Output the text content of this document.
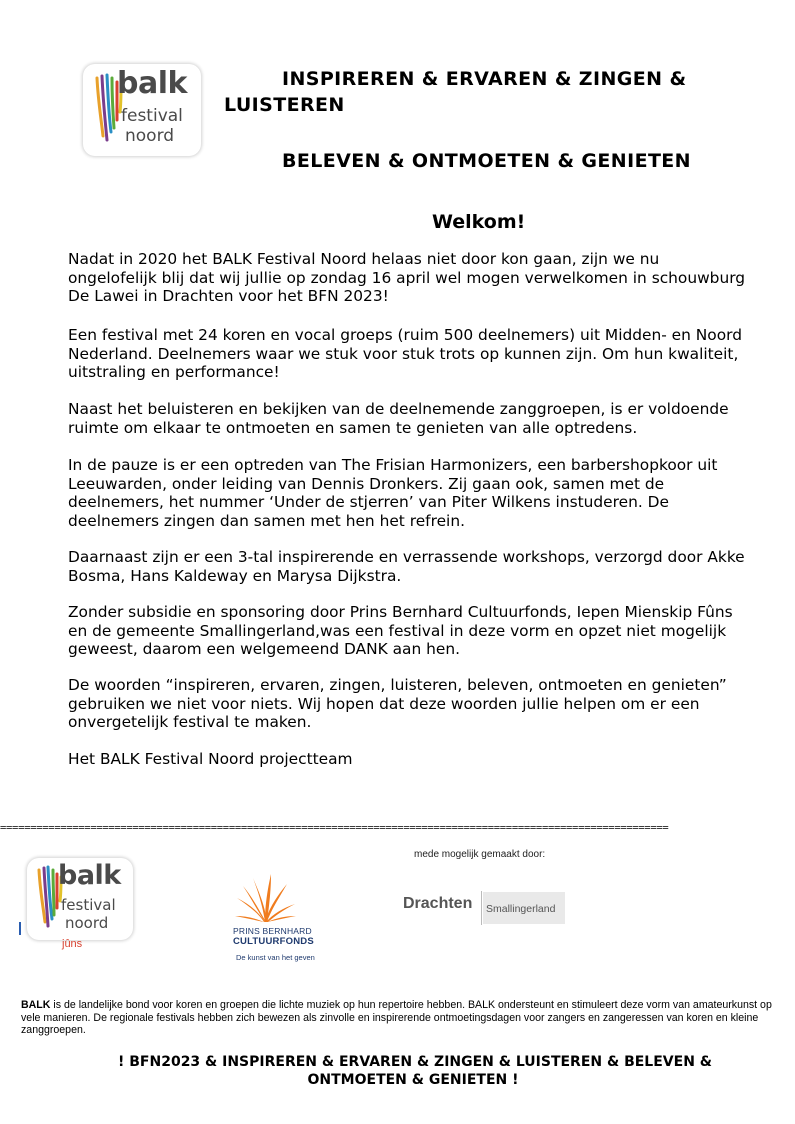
balk
festival
noord
INSPIREREN & ERVAREN & ZINGEN &
LUISTEREN
BELEVEN & ONTMOETEN & GENIETEN
Welkom!

Nadat in 2020 het BALK Festival Noord helaas niet door kon gaan, zijn we nu ongelofelijk blij dat wij jullie op zondag 16 april wel mogen verwelkomen in schouwburg De Lawei in Drachten voor het BFN 2023!

Een festival met 24 koren en vocal groeps (ruim 500 deelnemers) uit Midden- en Noord Nederland. Deelnemers waar we stuk voor stuk trots op kunnen zijn. Om hun kwaliteit, uitstraling en performance!

Naast het beluisteren en bekijken van de deelnemende zanggroepen, is er voldoende ruimte om elkaar te ontmoeten en samen te genieten van alle optredens.

In de pauze is er een optreden van The Frisian Harmonizers, een barbershopkoor uit Leeuwarden, onder leiding van Dennis Dronkers. Zij gaan ook, samen met de deelnemers, het nummer ‘Under de stjerren’ van Piter Wilkens instuderen. De deelnemers zingen dan samen met hen het refrein.

Daarnaast zijn er een 3-tal inspirerende en verrassende workshops, verzorgd door Akke Bosma, Hans Kaldeway en Marysa Dijkstra.

Zonder subsidie en sponsoring door Prins Bernhard Cultuurfonds, Iepen Mienskip Fûns en de gemeente Smallingerland,was een festival in deze vorm en opzet niet mogelijk geweest, daarom een welgemeend DANK aan hen.

De woorden “inspireren, ervaren, zingen, luisteren, beleven, ontmoeten en genieten” gebruiken we niet voor niets. Wij hopen dat deze woorden jullie helpen om er een onvergetelijk festival te maken.

Het BALK Festival Noord projectteam

===============================================================================================================
balk
festival
noord
jûns
PRINS BERNHARD
CULTUURFONDS
De kunst van het geven
mede mogelijk gemaakt door:
Drachten Smallingerland
BALK is de landelijke bond voor koren en groepen die lichte muziek op hun repertoire hebben. BALK ondersteunt en stimuleert deze vorm van amateurkunst op vele manieren. De regionale festivals hebben zich bewezen als zinvolle en inspirerende ontmoetingsdagen voor zangers en zangeressen van koren en kleine zanggroepen.
! BFN2023 & INSPIREREN & ERVAREN & ZINGEN & LUISTEREN & BELEVEN &
ONTMOETEN & GENIETEN !
